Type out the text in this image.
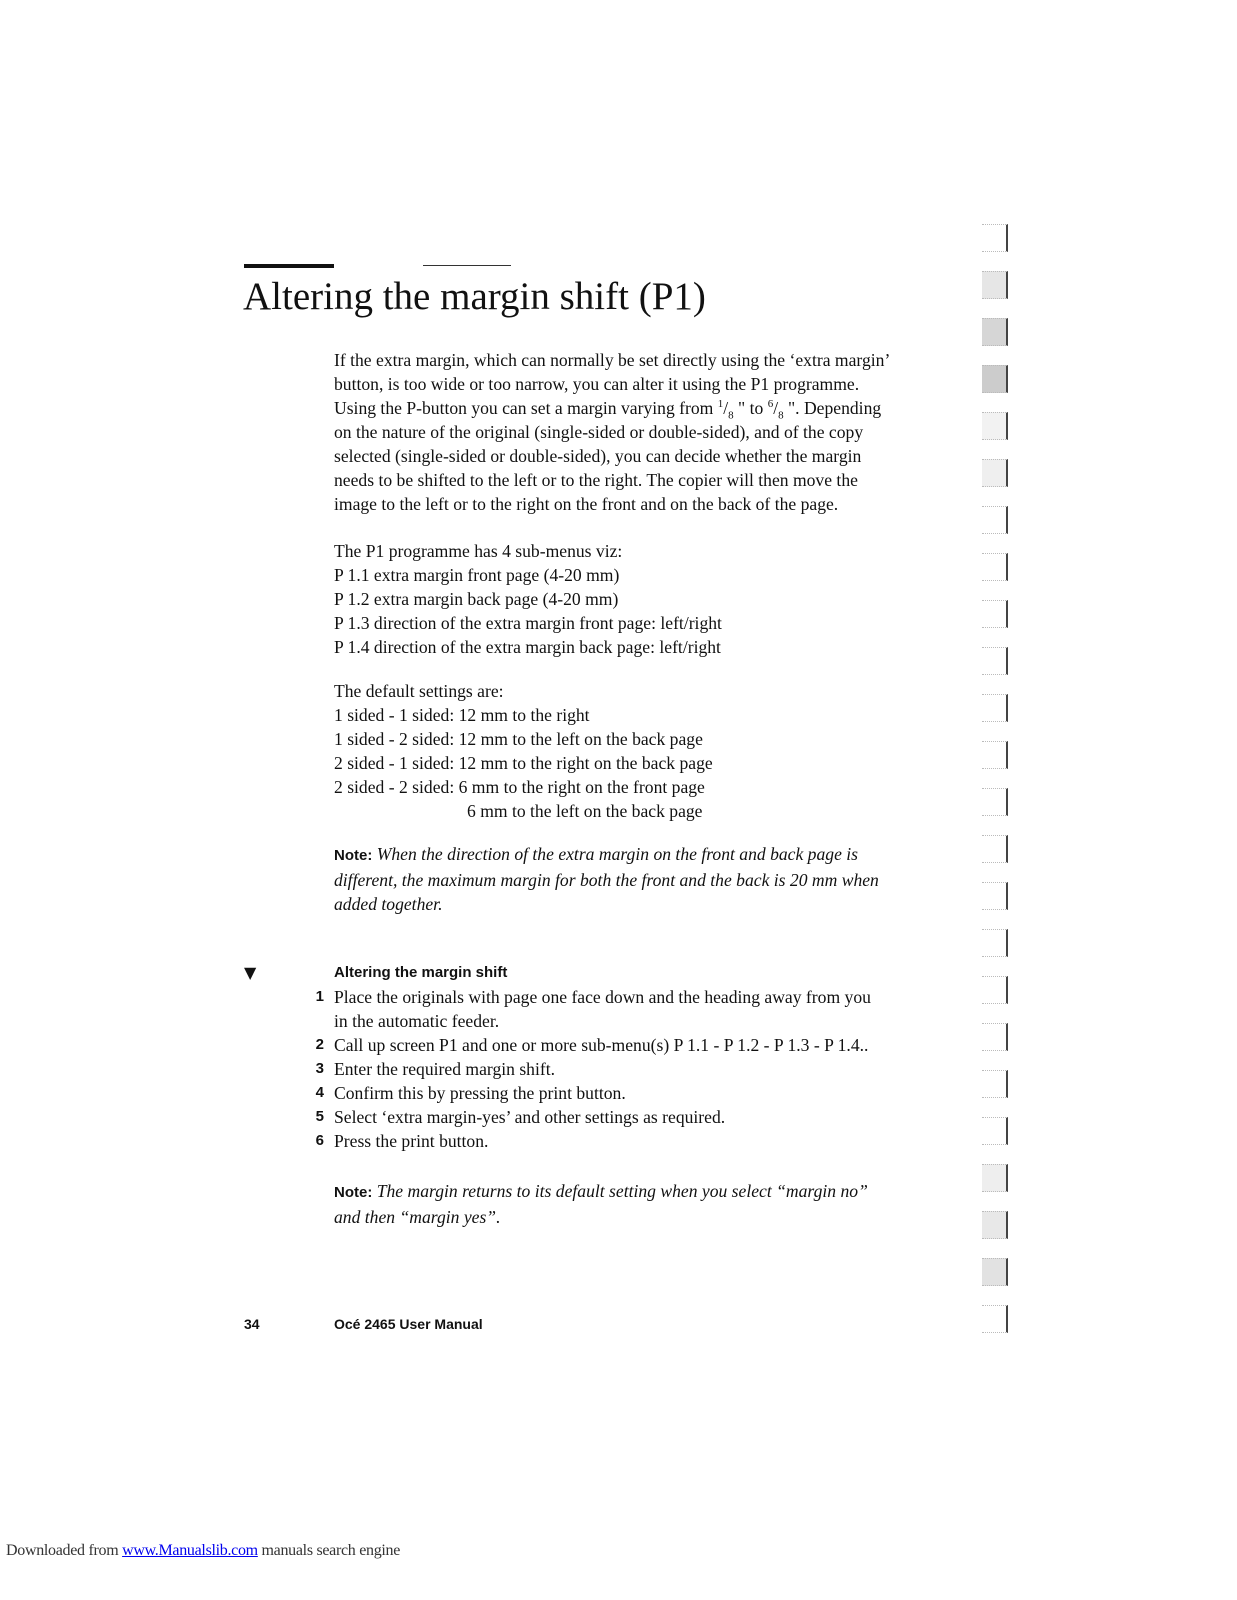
Altering the margin shift (P1)

If the extra margin, which can normally be set directly using the ‘extra margin’
button, is too wide or too narrow, you can alter it using the P1 programme.
Using the P-button you can set a margin varying from $^1/_8$ " to $^6/_8$ ". Depending
on the nature of the original (single-sided or double-sided), and of the copy
selected (single-sided or double-sided), you can decide whether the margin
needs to be shifted to the left or to the right. The copier will then move the
image to the left or to the right on the front and on the back of the page.

The P1 programme has 4 sub-menus viz:
P 1.1 extra margin front page (4-20 mm)
P 1.2 extra margin back page (4-20 mm)
P 1.3 direction of the extra margin front page: left/right
P 1.4 direction of the extra margin back page: left/right

The default settings are:
1 sided - 1 sided: 12 mm to the right
1 sided - 2 sided: 12 mm to the left on the back page
2 sided - 1 sided: 12 mm to the right on the back page
2 sided - 2 sided: 6 mm to the right on the front page
6 mm to the left on the back page

Note: When the direction of the extra margin on the front and back page is
different, the maximum margin for both the front and the back is 20 mm when
added together.

▼	Altering the margin shift
1 Place the originals with page one face down and the heading away from you
in the automatic feeder.
2 Call up screen P1 and one or more sub-menu(s) P 1.1 - P 1.2 - P 1.3 - P 1.4..
3 Enter the required margin shift.
4 Confirm this by pressing the print button.
5 Select ‘extra margin-yes’ and other settings as required.
6 Press the print button.

Note: The margin returns to its default setting when you select “margin no”
and then “margin yes”.

34	Océ 2465 User Manual
Downloaded from www.Manualslib.com manuals search engine
